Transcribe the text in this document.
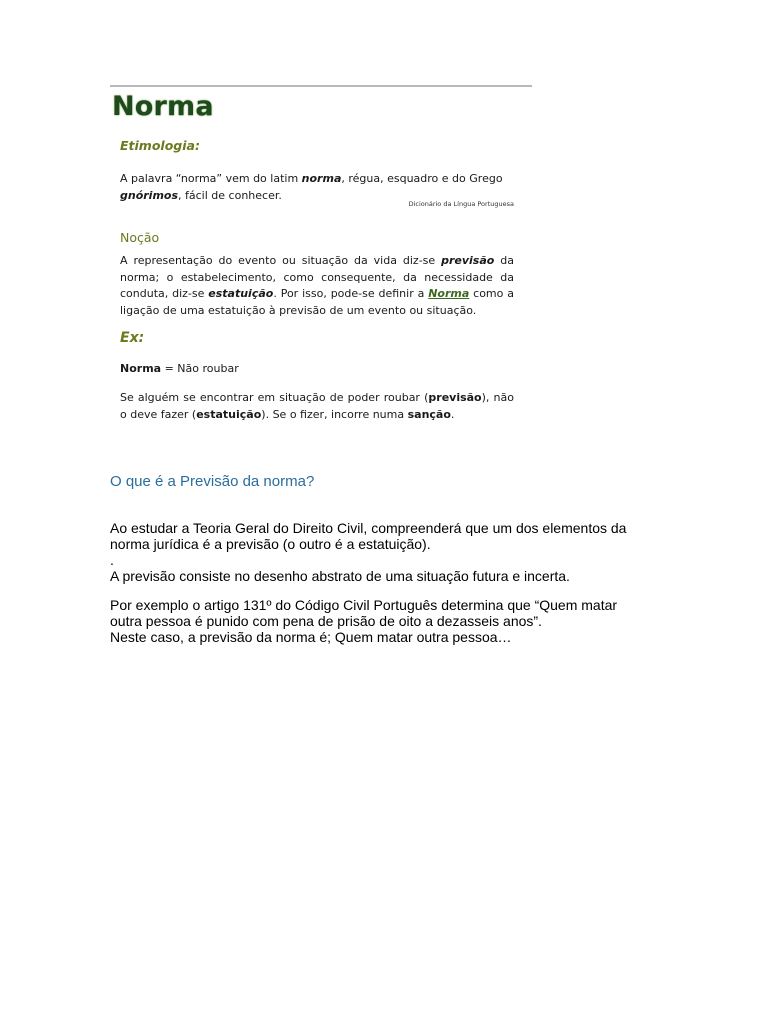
Norma
Etimologia:
A palavra “norma” vem do latim norma, régua, esquadro e do Grego
gnórimos, fácil de conhecer.
Dicionário da Língua Portuguesa
Noção
A representação do evento ou situação da vida diz-se previsão da norma; o estabelecimento, como consequente, da necessidade da conduta, diz-se estatuição. Por isso, pode-se definir a Norma como a ligação de uma estatuição à previsão de um evento ou situação.
Ex:
Norma = Não roubar
Se alguém se encontrar em situação de poder roubar (previsão), não o deve fazer (estatuição). Se o fizer, incorre numa sanção.
O que é a Previsão da norma?
Ao estudar a Teoria Geral do Direito Civil, compreenderá que um dos elementos da
norma jurídica é a previsão (o outro é a estatuição).
.
A previsão consiste no desenho abstrato de uma situação futura e incerta.
Por exemplo o artigo 131º do Código Civil Português determina que “Quem matar
outra pessoa é punido com pena de prisão de oito a dezasseis anos”.
Neste caso, a previsão da norma é; Quem matar outra pessoa…
